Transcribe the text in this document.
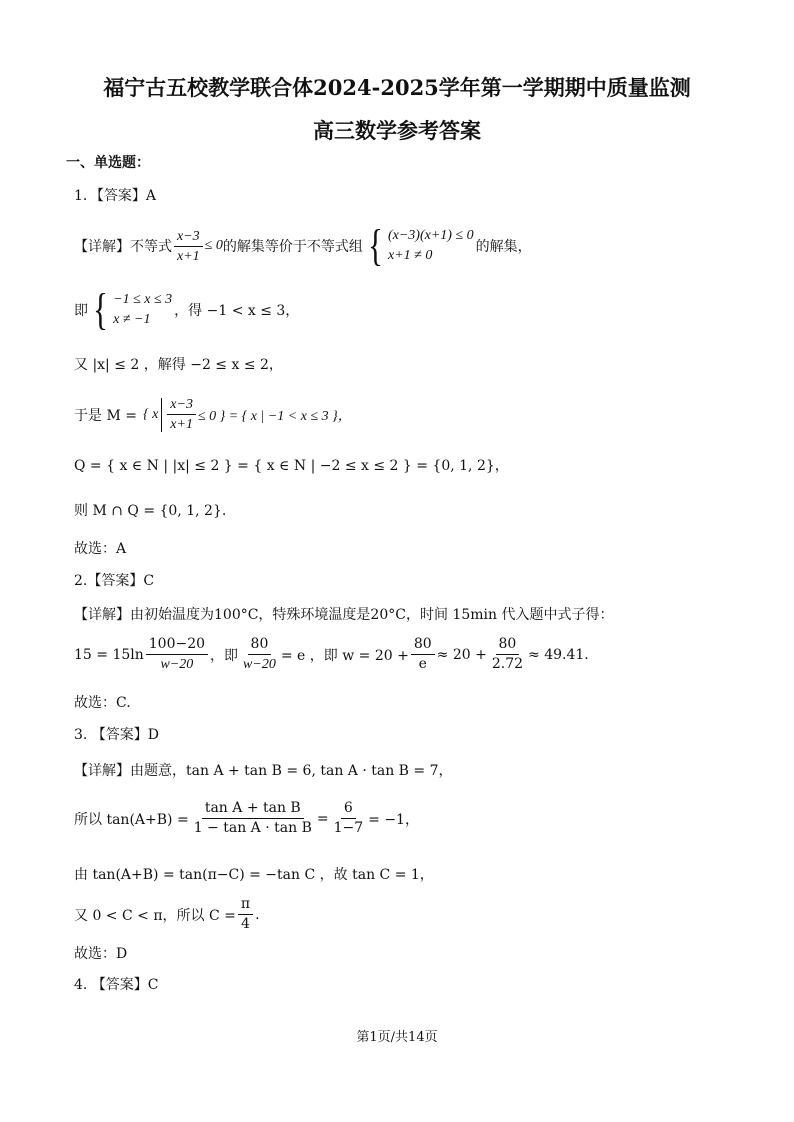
福宁古五校教学联合体2024-2025学年第一学期期中质量监测
高三数学参考答案
一、单选题：
1．【答案】A
【详解】不等式 $\frac{x-3}{x+1} \le 0$ 的解集等价于不等式组 { (x−3)(x+1) ≤ 0
x+1 ≠ 0
的解集，
即 { −1 ≤ x ≤ 3
x ≠ −1
，得 −1 < x ≤ 3，
又 |x| ≤ 2 ，解得 −2 ≤ x ≤ 2，
于是 M = { x $\frac{x-3}{x+1} \le 0$ } = { x | −1 < x ≤ 3 }，
Q = { x ∈ N | |x| ≤ 2 } = { x ∈ N | −2 ≤ x ≤ 2 } = {0, 1, 2}，
则 M ∩ Q = {0, 1, 2}.
故选：A
2.【答案】C
【详解】由初始温度为100°C，特殊环境温度是20°C，时间 15min 代入题中式子得：
$15 = 15\ln \frac{100-20}{w-20}$ ，即 $\frac{80}{w-20} = e$ ，即 $w = 20 + \frac{80}{e} \approx 20 + \frac{80}{2.72} \approx 49.41$.
故选：C.
3. 【答案】D
【详解】由题意，tan A + tan B = 6, tan A · tan B = 7，
所以 $\tan(A+B) = \frac{\text{tan A + tan B}}{\text{1 − tan A · tan B}} = \frac{6}{1-7} = -1$，
由 tan(A+B) = tan(π−C) = −tan C ，故 tan C = 1，
又 0 < C < π，所以 $C = \frac{\pi}{4}$ .
故选：D
4. 【答案】C
第1页/共14页
